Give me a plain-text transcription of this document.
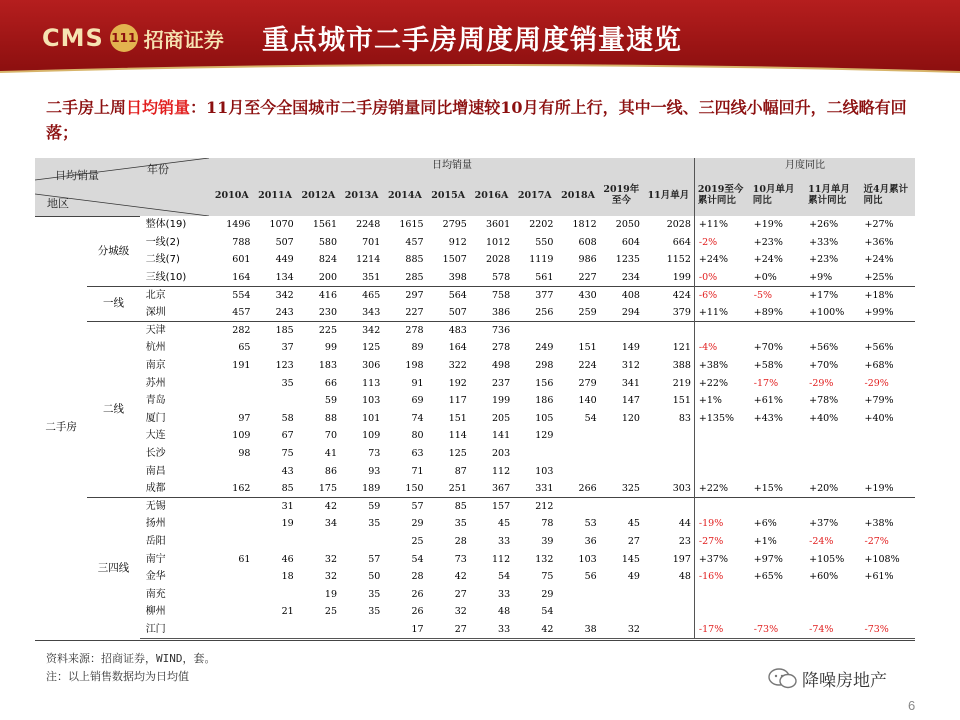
CMS 111 招商证券 重点城市二手房周度周度销量速览
二手房上周日均销量：11月至今全国城市二手房销量同比增速较10月有所上行，其中一线、三四线小幅回升，二线略有回落；
年份
日均销量
地区			日均销量											月度同比			
			2010A	2011A	2012A	2013A	2014A	2015A	2016A	2017A	2018A	2019年至今	11月单月	2019至今累计同比	10月单月同比	11月单月累计同比	近4月累计同比
二手房	分城级	整体(19)	1496	1070	1561	2248	1615	2795	3601	2202	1812	2050	2028	+11%	+19%	+26%	+27%
		一线(2)	788	507	580	701	457	912	1012	550	608	604	664	-2%	+23%	+33%	+36%
		二线(7)	601	449	824	1214	885	1507	2028	1119	986	1235	1152	+24%	+24%	+23%	+24%
		三线(10)	164	134	200	351	285	398	578	561	227	234	199	-0%	+0%	+9%	+25%
	一线	北京	554	342	416	465	297	564	758	377	430	408	424	-6%	-5%	+17%	+18%
		深圳	457	243	230	343	227	507	386	256	259	294	379	+11%	+89%	+100%	+99%
	二线	天津	282	185	225	342	278	483	736								
		杭州	65	37	99	125	89	164	278	249	151	149	121	-4%	+70%	+56%	+56%
		南京	191	123	183	306	198	322	498	298	224	312	388	+38%	+58%	+70%	+68%
		苏州		35	66	113	91	192	237	156	279	341	219	+22%	-17%	-29%	-29%
		青岛			59	103	69	117	199	186	140	147	151	+1%	+61%	+78%	+79%
		厦门	97	58	88	101	74	151	205	105	54	120	83	+135%	+43%	+40%	+40%
		大连	109	67	70	109	80	114	141	129							
		长沙	98	75	41	73	63	125	203								
		南昌		43	86	93	71	87	112	103							
		成都	162	85	175	189	150	251	367	331	266	325	303	+22%	+15%	+20%	+19%
	三四线	无锡		31	42	59	57	85	157	212							
		扬州		19	34	35	29	35	45	78	53	45	44	-19%	+6%	+37%	+38%
		岳阳					25	28	33	39	36	27	23	-27%	+1%	-24%	-27%
		南宁	61	46	32	57	54	73	112	132	103	145	197	+37%	+97%	+105%	+108%
		金华		18	32	50	28	42	54	75	56	49	48	-16%	+65%	+60%	+61%
		南充			19	35	26	27	33	29							
		柳州		21	25	35	26	32	48	54							
		江门					17	27	33	42	38	32		-17%	-73%	-74%	-73%
资料来源：招商证券，WIND，套。
注：以上销售数据均为日均值	降噪房地产
6
